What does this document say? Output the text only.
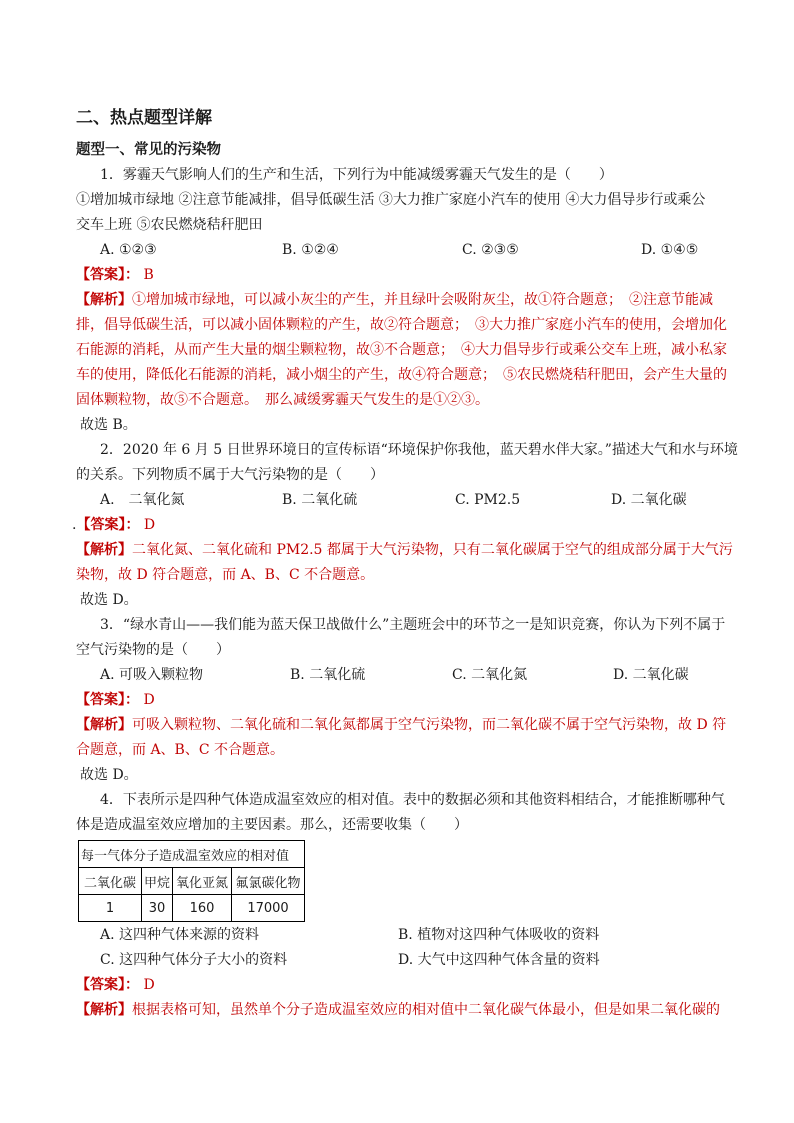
二、热点题型详解
题型一、常见的污染物
1．雾霾天气影响人们的生产和生活，下列行为中能减缓雾霾天气发生的是（　　）
①增加城市绿地 ②注意节能减排，倡导低碳生活 ③大力推广家庭小汽车的使用 ④大力倡导步行或乘公
交车上班 ⑤农民燃烧秸秆肥田
A. ①②③	B. ①②④	C. ②③⑤	D. ①④⑤
【答案】： B
【解析】①增加城市绿地，可以减小灰尘的产生，并且绿叶会吸附灰尘，故①符合题意；　②注意节能减
排，倡导低碳生活，可以减小固体颗粒的产生，故②符合题意；　③大力推广家庭小汽车的使用，会增加化
石能源的消耗，从而产生大量的烟尘颗粒物，故③不合题意；　④大力倡导步行或乘公交车上班，减小私家
车的使用，降低化石能源的消耗，减小烟尘的产生，故④符合题意；　⑤农民燃烧秸秆肥田，会产生大量的
固体颗粒物，故⑤不合题意。　那么减缓雾霾天气发生的是①②③。
故选 B。
2．2020 年 6 月 5 日世界环境日的宣传标语“环境保护你我他，蓝天碧水伴大家。”描述大气和水与环境
的关系。下列物质不属于大气污染物的是（　　）
A.　二氧化氮	B. 二氧化硫	C. PM2.5	D. 二氧化碳
.【答案】： D
【解析】二氧化氮、二氧化硫和 PM2.5 都属于大气污染物，只有二氧化碳属于空气的组成部分属于大气污
染物，故 D 符合题意，而 A、B、C 不合题意。
故选 D。
3．“绿水青山——我们能为蓝天保卫战做什么”主题班会中的环节之一是知识竞赛，你认为下列不属于
空气污染物的是（　　）
A. 可吸入颗粒物	B. 二氧化硫	C. 二氧化氮	D. 二氧化碳
【答案】： D
【解析】可吸入颗粒物、二氧化硫和二氧化氮都属于空气污染物，而二氧化碳不属于空气污染物，故 D 符
合题意，而 A、B、C 不合题意。
故选 D。
4．下表所示是四种气体造成温室效应的相对值。表中的数据必须和其他资料相结合，才能推断哪种气
体是造成温室效应增加的主要因素。那么，还需要收集（　　）
每一气体分子造成温室效应的相对值			
二氧化碳	甲烷	氧化亚氮	氟氯碳化物
1	30	160	17000
A. 这四种气体来源的资料	B. 植物对这四种气体吸收的资料
C. 这四种气体分子大小的资料	D. 大气中这四种气体含量的资料
【答案】： D
【解析】根据表格可知，虽然单个分子造成温室效应的相对值中二氧化碳气体最小，但是如果二氧化碳的
